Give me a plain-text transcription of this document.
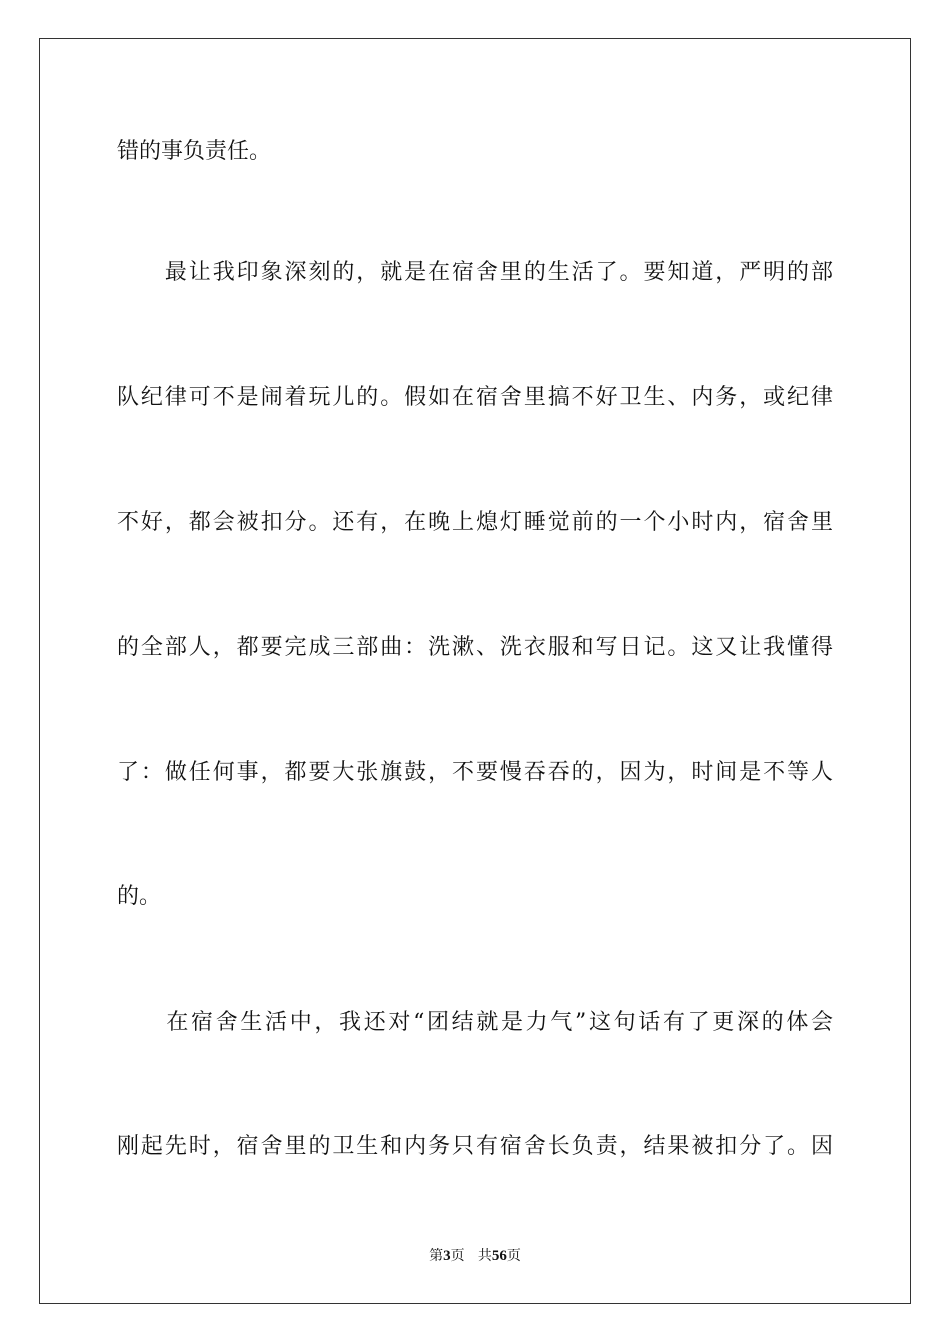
错的事负责任。
　　最让我印象深刻的，就是在宿舍里的生活了。要知道，严明的部
队纪律可不是闹着玩儿的。假如在宿舍里搞不好卫生、内务，或纪律
不好，都会被扣分。还有，在晚上熄灯睡觉前的一个小时内，宿舍里
的全部人，都要完成三部曲：洗漱、洗衣服和写日记。这又让我懂得
了：做任何事，都要大张旗鼓，不要慢吞吞的，因为，时间是不等人
的。
　　在宿舍生活中，我还对“团结就是力气”这句话有了更深的体会
刚起先时，宿舍里的卫生和内务只有宿舍长负责，结果被扣分了。因
第3页 共56页
